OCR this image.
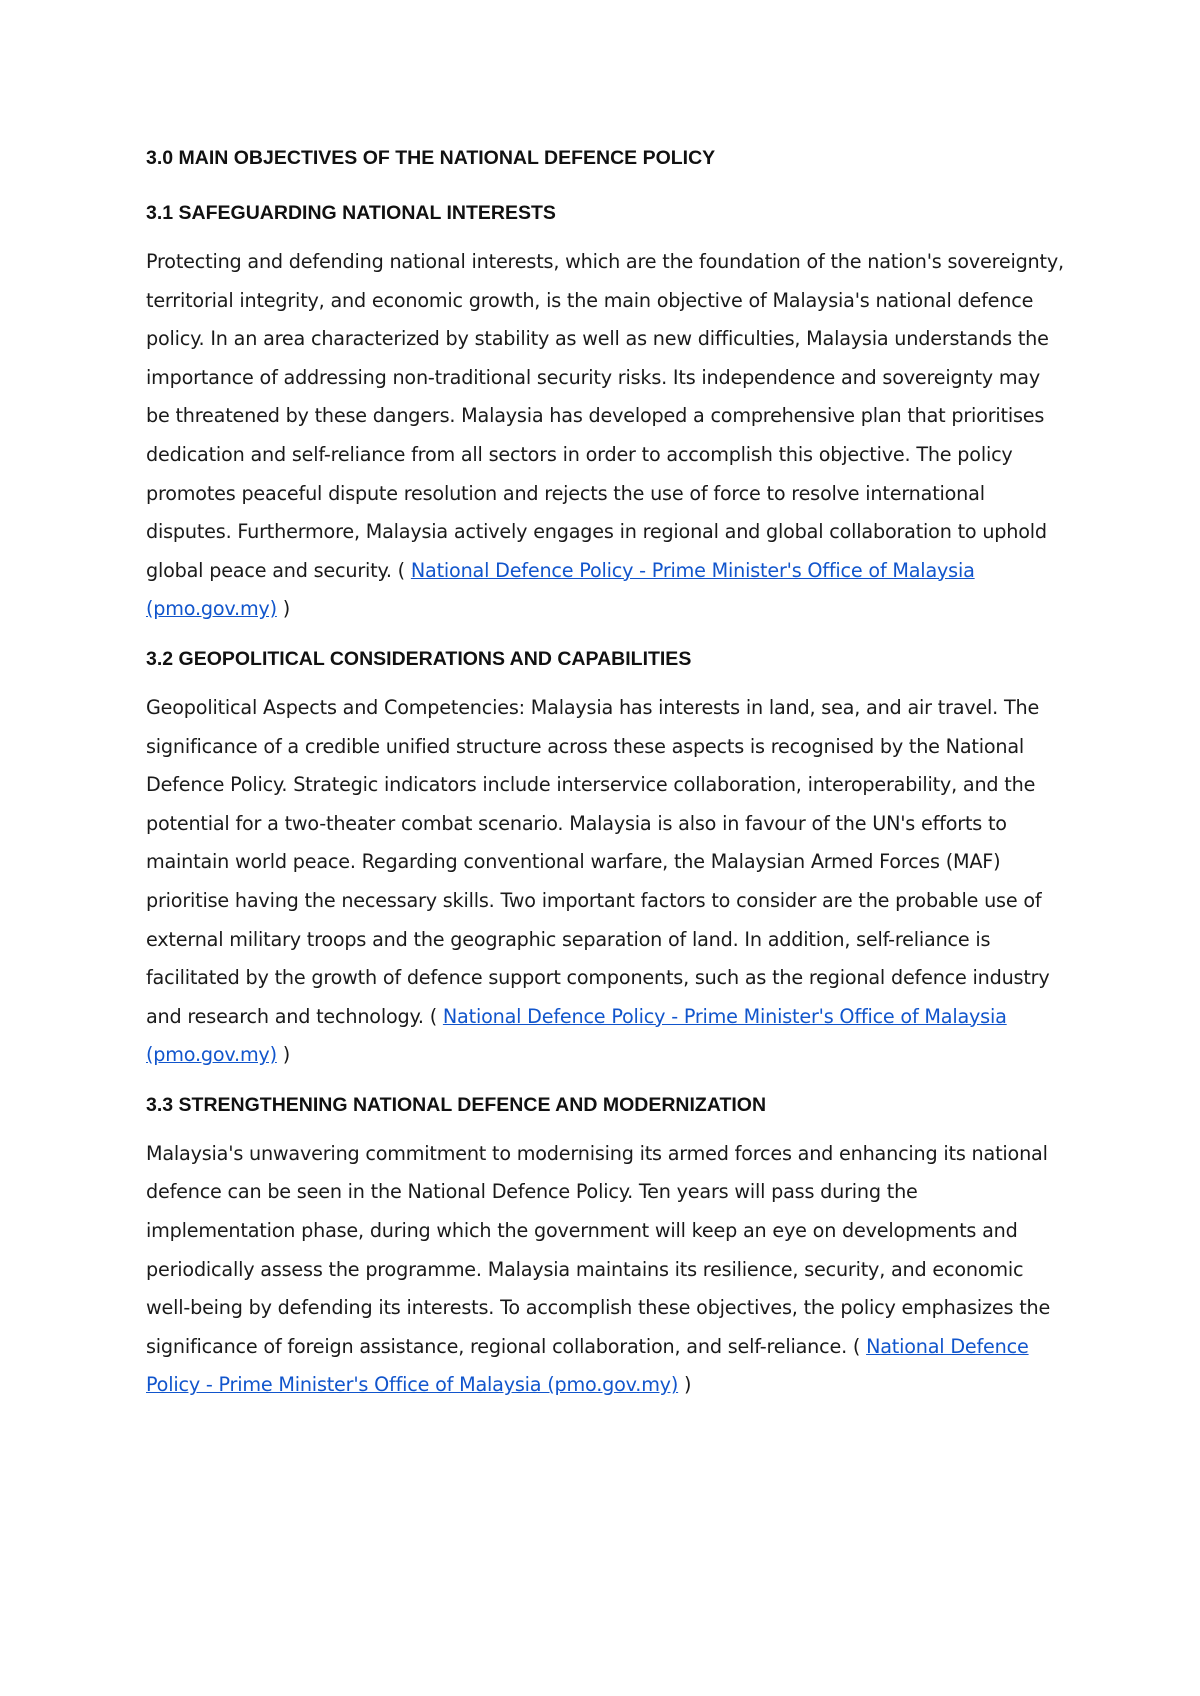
3.0 MAIN OBJECTIVES OF THE NATIONAL DEFENCE POLICY
3.1 SAFEGUARDING NATIONAL INTERESTS

Protecting and defending national interests, which are the foundation of the nation's sovereignty, territorial integrity, and economic growth, is the main objective of Malaysia's national defence policy. In an area characterized by stability as well as new difficulties, Malaysia understands the importance of addressing non-traditional security risks. Its independence and sovereignty may be threatened by these dangers. Malaysia has developed a comprehensive plan that prioritises dedication and self-reliance from all sectors in order to accomplish this objective. The policy promotes peaceful dispute resolution and rejects the use of force to resolve international disputes. Furthermore, Malaysia actively engages in regional and global collaboration to uphold global peace and security. ( National Defence Policy - Prime Minister's Office of Malaysia (pmo.gov.my) )

3.2 GEOPOLITICAL CONSIDERATIONS AND CAPABILITIES

Geopolitical Aspects and Competencies: Malaysia has interests in land, sea, and air travel. The significance of a credible unified structure across these aspects is recognised by the National Defence Policy. Strategic indicators include interservice collaboration, interoperability, and the potential for a two-theater combat scenario. Malaysia is also in favour of the UN's efforts to maintain world peace. Regarding conventional warfare, the Malaysian Armed Forces (MAF) prioritise having the necessary skills. Two important factors to consider are the probable use of external military troops and the geographic separation of land. In addition, self-reliance is facilitated by the growth of defence support components, such as the regional defence industry and research and technology. ( National Defence Policy - Prime Minister's Office of Malaysia (pmo.gov.my) )

3.3 STRENGTHENING NATIONAL DEFENCE AND MODERNIZATION

Malaysia's unwavering commitment to modernising its armed forces and enhancing its national defence can be seen in the National Defence Policy. Ten years will pass during the implementation phase, during which the government will keep an eye on developments and periodically assess the programme. Malaysia maintains its resilience, security, and economic well-being by defending its interests. To accomplish these objectives, the policy emphasizes the significance of foreign assistance, regional collaboration, and self-reliance. ( National Defence Policy - Prime Minister's Office of Malaysia (pmo.gov.my) )
